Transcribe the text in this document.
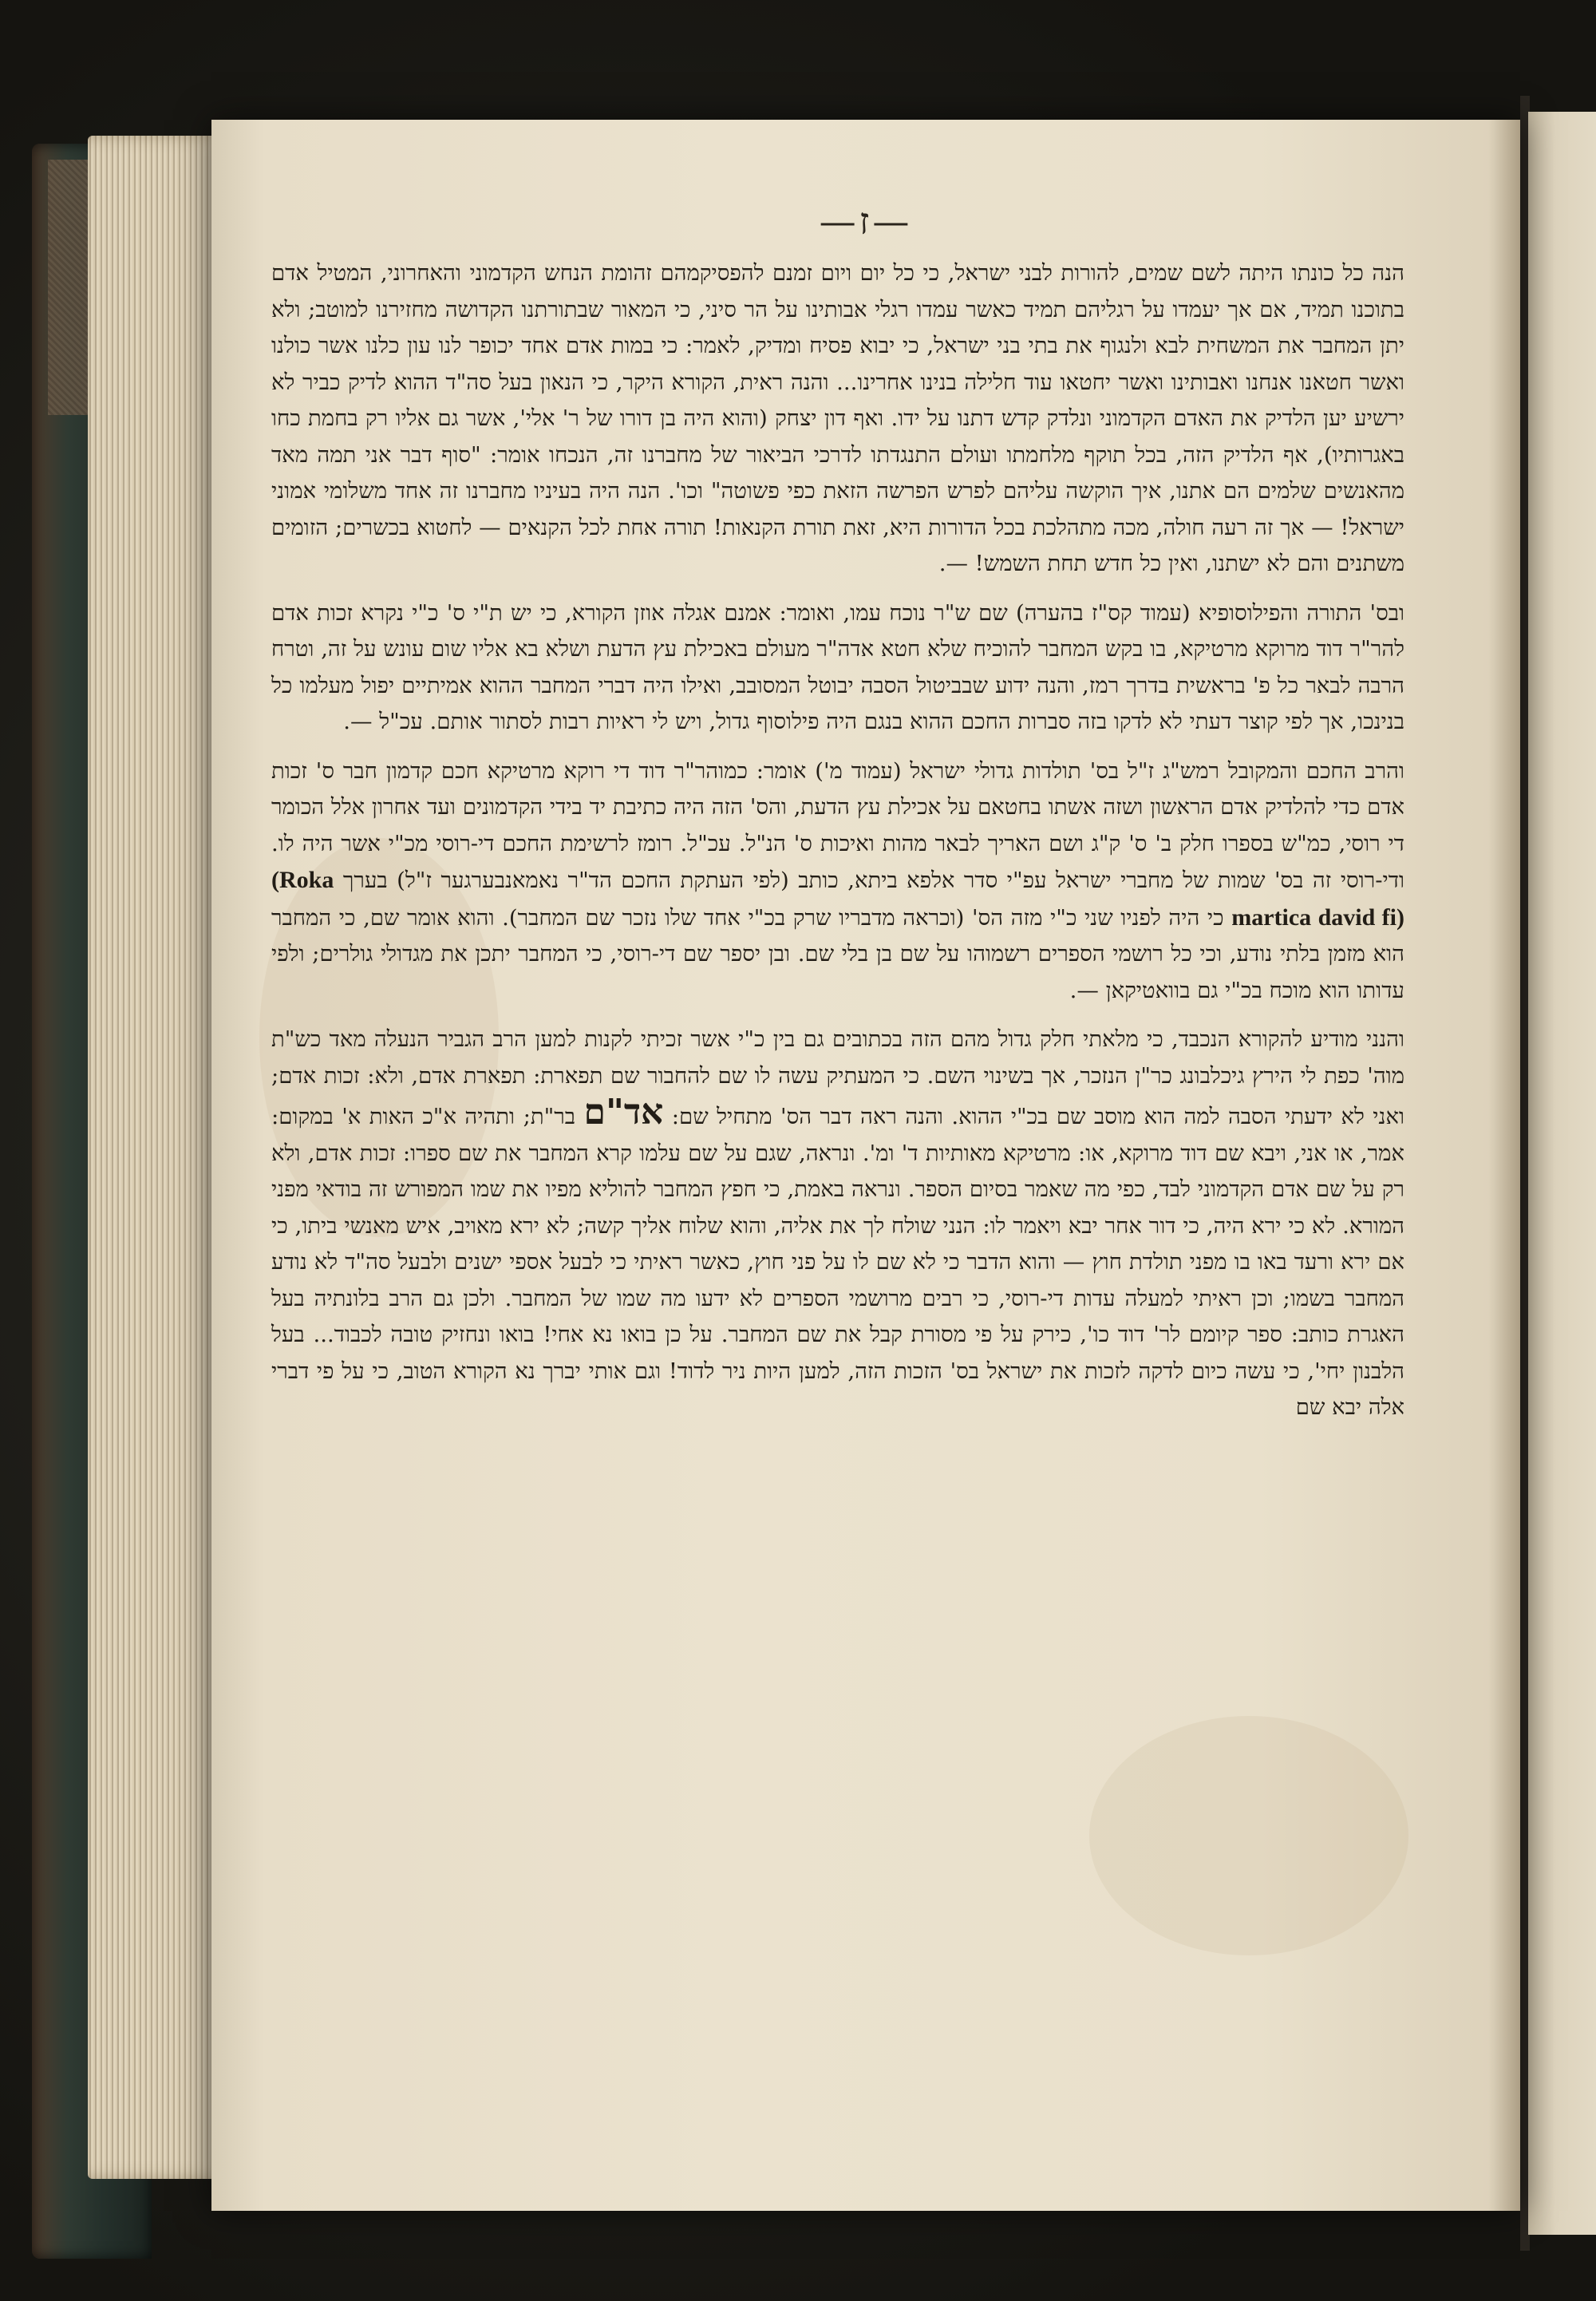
—ז—

הנה כל כונתו היתה לשם שמים, להורות לבני ישראל, כי כל יום ויום זמנם להפסיקמהם זהומת הנחש הקדמוני והאחרוני, המטיל אדם בתוכנו תמיד, אם אך יעמדו על רגליהם תמיד כאשר עמדו רגלי אבותינו על הר סיני, כי המאור שבתורתנו הקדושה מחזירנו למוטב; ולא יתן המחבר את המשחית לבא ולנגוף את בתי בני ישראל, כי יבוא פסיח ומדיק, לאמר: כי במות אדם אחד יכופר לנו עון כלנו אשר כולנו ואשר חטאנו אנחנו ואבותינו ואשר יחטאו עוד חלילה בנינו אחרינו... והנה ראית, הקורא היקר, כי הנאון בעל סה"ד ההוא לדיק כביר לא ירשיע יען הלדיק את האדם הקדמוני ונלדק קדש דתנו על ידו. ואף דון יצחק (והוא היה בן דורו של ר' אלי', אשר גם אליו רק בחמת כחו באגרותיו), אף הלדיק הזה, בכל תוקף מלחמתו ועולם התנגדתו לדרכי הביאור של מחברנו זה, הנכחו אומר: "סוף דבר אני תמה מאד מהאנשים שלמים הם אתנו, איך הוקשה עליהם לפרש הפרשה הזאת כפי פשוטה" וכו'. הנה היה בעיניו מחברנו זה אחד משלומי אמוני ישראל! — אך זה רעה חולה, מכה מתהלכת בכל הדורות היא, זאת תורת הקנאות! תורה אחת לכל הקנאים — לחטוא בכשרים; הזומים משתנים והם לא ישתנו, ואין כל חדש תחת השמש! —.

ובס' התורה והפילוסופיא (עמוד קס"ז בהערה) שם ש"ר נוכח עמו, ואומר: אמנם אגלה אוזן הקורא, כי יש ת"י ס' כ"י נקרא זכות אדם להר"ר דוד מרוקא מרטיקא, בו בקש המחבר להוכיח שלא חטא אדה"ר מעולם באכילת עץ הדעת ושלא בא אליו שום עונש על זה, וטרח הרבה לבאר כל פ' בראשית בדרך רמז, והנה ידוע שבביטול הסבה יבוטל המסובב, ואילו היה דברי המחבר ההוא אמיתיים יפול מעלמו כל בנינכו, אך לפי קוצר דעתי לא לדקו בזה סברות החכם ההוא בנגם היה פילוסוף גדול, ויש לי ראיות רבות לסתור אותם. עכ"ל —.

והרב החכם והמקובל רמש"ג ז"ל בס' תולדות גדולי ישראל (עמוד מ') אומר: כמוהר"ר דוד די רוקא מרטיקא חכם קדמון חבר ס' זכות אדם כדי להלדיק אדם הראשון ושזה אשתו בחטאם על אכילת עץ הדעת, והס' הזה היה כתיבת יד בידי הקדמונים ועד אחרון אלל הכומר די רוסי, כמ"ש בספרו חלק ב' ס' ק"ג ושם האריך לבאר מהות ואיכות ס' הנ"ל. עכ"ל. רומז לרשימת החכם די-רוסי מכ"י אשר היה לו. ודי-רוסי זה בס' שמות של מחברי ישראל עפ"י סדר אלפא ביתא, כותב (לפי העתקת החכם הד"ר נאמאנבערגער ז"ל) בערך (Roka martica david fi) כי היה לפניו שני כ"י מזה הס' (וכראה מדבריו שרק בכ"י אחד שלו נזכר שם המחבר). והוא אומר שם, כי המחבר הוא מזמן בלתי נודע, וכי כל רושמי הספרים רשמוהו על שם בן בלי שם. ובן יספר שם די-רוסי, כי המחבר יתכן את מגדולי גולרים; ולפי עדותו הוא מוכח בכ"י גם בוואטיקאן —.

והנני מודיע להקורא הנכבד, כי מלאתי חלק גדול מהם הזה בכתובים גם בין כ"י אשר זכיתי לקנות למען הרב הגביר הנעלה מאד כש"ת מוה' כפת לי הירץ גיכלבונג כר"ן הנזכר, אך בשינוי השם. כי המעתיק עשה לו שם להחבור שם תפארת: תפארת אדם, ולא: זכות אדם; ואני לא ידעתי הסבה למה הוא מוסב שם בכ"י ההוא. והנה ראה דבר הס' מתחיל שם: אד"ם בר"ת; ותהיה א"כ האות א' במקום: אמר, או אני, ויבא שם דוד מרוקא, או: מרטיקא מאותיות ד' ומ'. ונראה, שגם על שם עלמו קרא המחבר את שם ספרו: זכות אדם, ולא רק על שם אדם הקדמוני לבד, כפי מה שאמר בסיום הספר. ונראה באמת, כי חפץ המחבר להוליא מפיו את שמו המפורש זה בודאי מפני המורא. לא כי ירא היה, כי דור אחר יבא ויאמר לו: הנני שולח לך את אליה, והוא שלוח אליך קשה; לא ירא מאויב, איש מאנשי ביתו, כי אם ירא ורעד באו בו מפני תולדת חוץ — והוא הדבר כי לא שם לו על פני חוץ, כאשר ראיתי כי לבעל אספי ישנים ולבעל סה"ד לא נודע המחבר בשמו; וכן ראיתי למעלה עדות די-רוסי, כי רבים מרושמי הספרים לא ידעו מה שמו של המחבר. ולכן גם הרב בלונתיה בעל האגרת כותב: ספר קיומם לר' דוד כו', כירק על פי מסורת קבל את שם המחבר. על כן בואו נא אחי! בואו ונחזיק טובה לכבוד... בעל הלבנון יחי', כי עשה כיום לדקה לזכות את ישראל בס' הזכות הזה, למען היות ניר לדוד! וגם אותי יברך נא הקורא הטוב, כי על פי דברי אלה יבא שם
